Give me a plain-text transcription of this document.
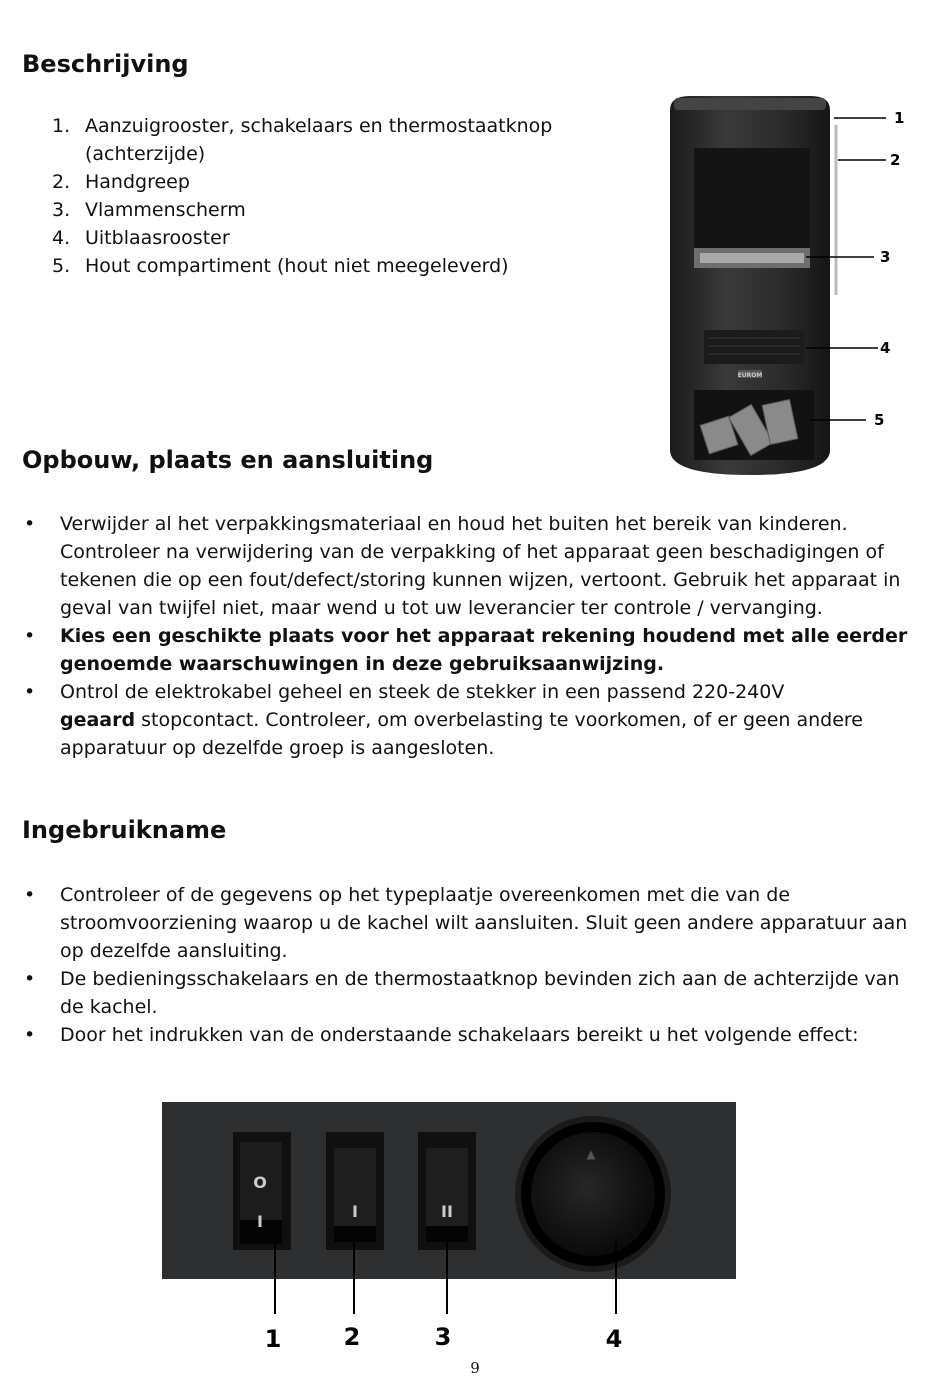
Beschrijving
1. Aanzuigrooster, schakelaars en thermostaatknop
(achterzijde)
2. Handgreep
3. Vlammenscherm
4. Uitblaasrooster
5. Hout compartiment (hout niet meegeleverd)
EUROM
1
2
3
4
5
Opbouw, plaats en aansluiting
• Verwijder al het verpakkingsmateriaal en houd het buiten het bereik van kinderen. Controleer na verwijdering van de verpakking of het apparaat geen beschadigingen of tekenen die op een fout/defect/storing kunnen wijzen, vertoont. Gebruik het apparaat in geval van twijfel niet, maar wend u tot uw leverancier ter controle / vervanging.
• Kies een geschikte plaats voor het apparaat rekening houdend met alle eerder genoemde waarschuwingen in deze gebruiksaanwijzing.
• Ontrol de elektrokabel geheel en steek de stekker in een passend 220-240V
geaard stopcontact. Controleer, om overbelasting te voorkomen, of er geen andere apparatuur op dezelfde groep is aangesloten.
Ingebruikname
• Controleer of de gegevens op het typeplaatje overeenkomen met die van de stroomvoorziening waarop u de kachel wilt aansluiten. Sluit geen andere apparatuur aan op dezelfde aansluiting.
• De bedieningsschakelaars en de thermostaatknop bevinden zich aan de achterzijde van de kachel.
• Door het indrukken van de onderstaande schakelaars bereikt u het volgende effect:
O
I
I	II
▲
1	2	3	4
9
